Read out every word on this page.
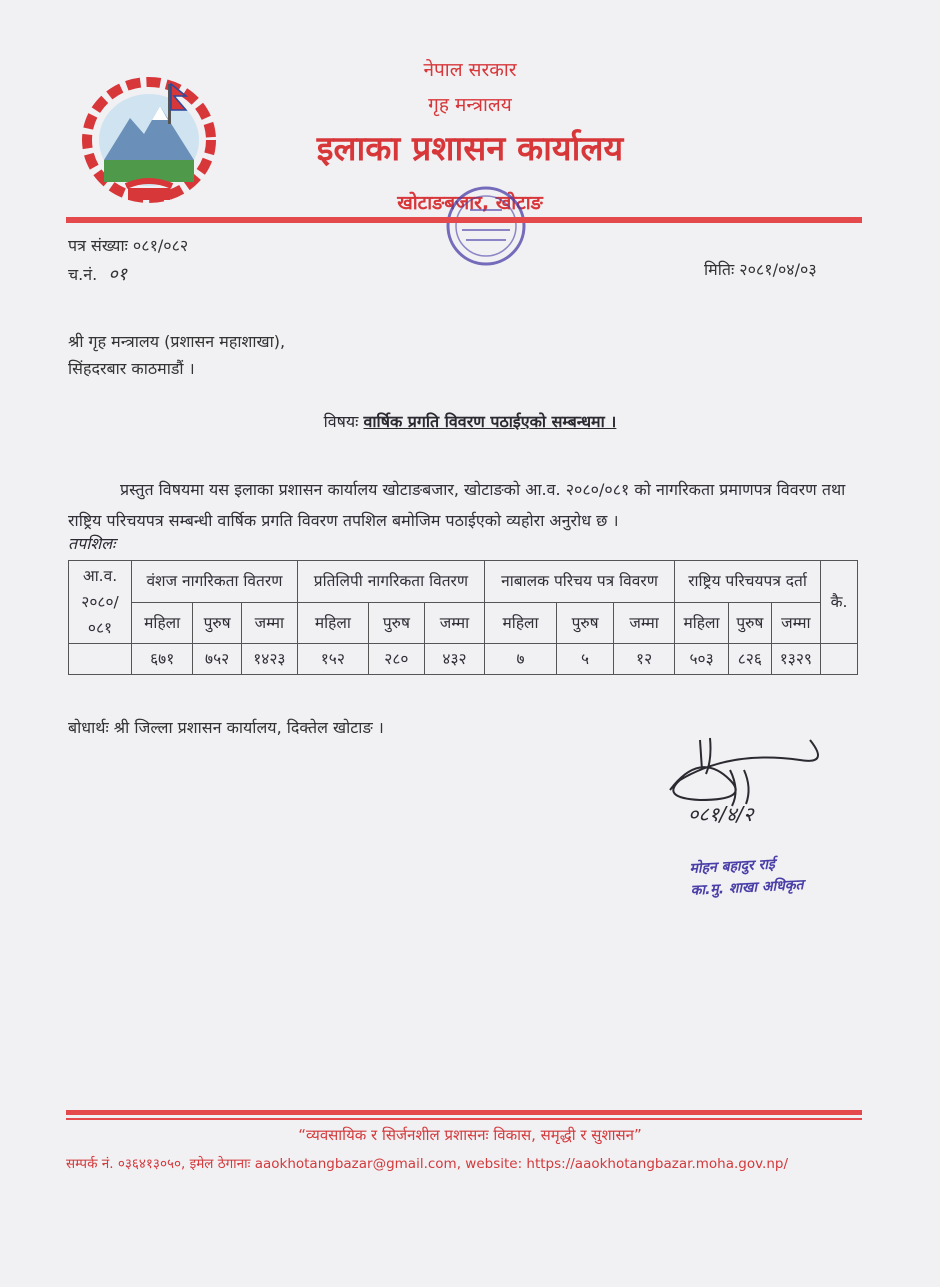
नेपाल सरकार
गृह मन्त्रालय
इलाका प्रशासन कार्यालय
खोटाङबजार, खोटाङ
पत्र संख्याः ०८१/०८२
च.नं. ०१	मितिः २०८१/०४/०३
श्री गृह मन्त्रालय (प्रशासन महाशाखा),
सिंहदरबार काठमाडौं ।
विषयः वार्षिक प्रगति विवरण पठाईएको सम्बन्धमा ।
प्रस्तुत विषयमा यस इलाका प्रशासन कार्यालय खोटाङबजार, खोटाङको आ.व. २०८०/०८१ को नागरिकता प्रमाणपत्र विवरण तथा राष्ट्रिय परिचयपत्र सम्बन्धी वार्षिक प्रगति विवरण तपशिल बमोजिम पठाईएको व्यहोरा अनुरोध छ ।
तपशिलः
आ.व. २०८०/ ०८१	वंशज नागरिकता वितरण			प्रतिलिपी नागरिकता वितरण			नाबालक परिचय पत्र विवरण			राष्ट्रिय परिचयपत्र दर्ता			कै.
	महिला	पुरुष	जम्मा	महिला	पुरुष	जम्मा	महिला	पुरुष	जम्मा	महिला	पुरुष	जम्मा	
	६७१	७५२	१४२३	१५२	२८०	४३२	७	५	१२	५०३	८२६	१३२९	
बोधार्थः श्री जिल्ला प्रशासन कार्यालय, दिक्तेल खोटाङ ।
०८१/४/२
मोहन बहादुर राई
का.मु. शाखा अधिकृत
“व्यवसायिक र सिर्जनशील प्रशासनः विकास, समृद्धी र सुशासन”
सम्पर्क नं. ०३६४१३०५०, इमेल ठेगानाः aaokhotangbazar@gmail.com, website: https://aaokhotangbazar.moha.gov.np/
